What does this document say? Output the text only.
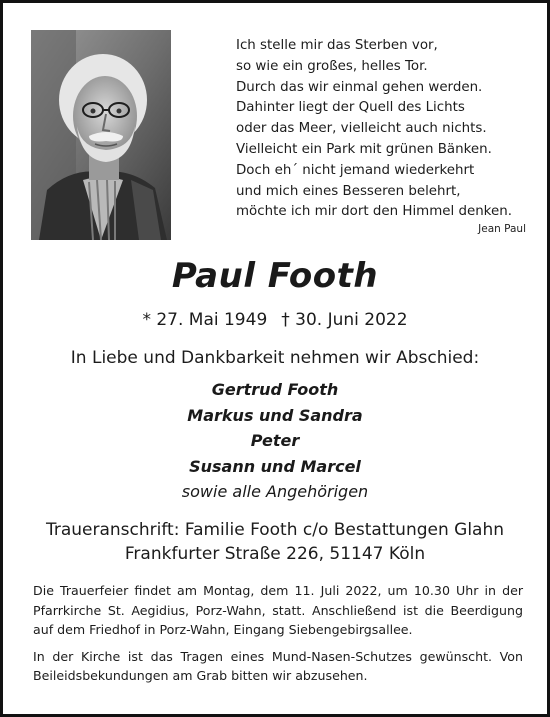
Ich stelle mir das Sterben vor,
so wie ein großes, helles Tor.
Durch das wir einmal gehen werden.
Dahinter liegt der Quell des Lichts
oder das Meer, vielleicht auch nichts.
Vielleicht ein Park mit grünen Bänken.
Doch eh´ nicht jemand wiederkehrt
und mich eines Besseren belehrt,
möchte ich mir dort den Himmel denken.
Jean Paul
Paul Footh
* 27. Mai 1949 † 30. Juni 2022
In Liebe und Dankbarkeit nehmen wir Abschied:
Gertrud Footh
Markus und Sandra
Peter
Susann und Marcel
sowie alle Angehörigen
Traueranschrift: Familie Footh c/o Bestattungen Glahn
Frankfurter Straße 226, 51147 Köln

Die Trauerfeier findet am Montag, dem 11. Juli 2022, um 10.30 Uhr in der Pfarrkirche St. Aegidius, Porz-Wahn, statt. Anschließend ist die Beerdigung auf dem Friedhof in Porz-Wahn, Eingang Siebengebirgsallee.

In der Kirche ist das Tragen eines Mund-Nasen-Schutzes gewünscht. Von Beileidsbekundungen am Grab bitten wir abzusehen.
